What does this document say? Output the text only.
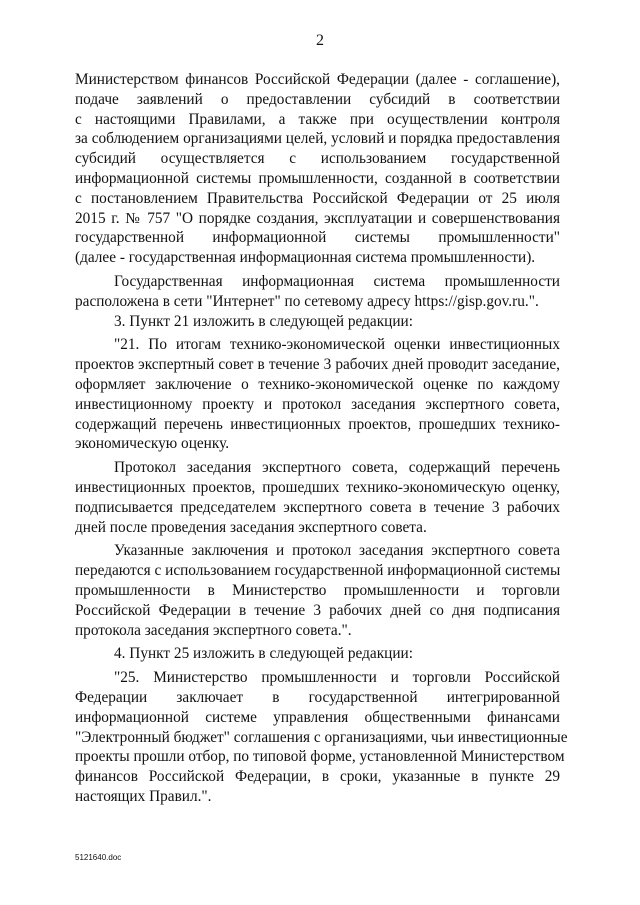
2
Министерством финансов Российской Федерации (далее - соглашение),
подаче заявлений о предоставлении субсидий в соответствии
с настоящими Правилами, а также при осуществлении контроля
за соблюдением организациями целей, условий и порядка предоставления
субсидий осуществляется с использованием государственной
информационной системы промышленности, созданной в соответствии
с постановлением Правительства Российской Федерации от 25 июля
2015 г. № 757 "О порядке создания, эксплуатации и совершенствования
государственной информационной системы промышленности"
(далее - государственная информационная система промышленности).
Государственная информационная система промышленности
расположена в сети "Интернет" по сетевому адресу https://gisp.gov.ru.".
3. Пункт 21 изложить в следующей редакции:
"21. По итогам технико-экономической оценки инвестиционных
проектов экспертный совет в течение 3 рабочих дней проводит заседание,
оформляет заключение о технико-экономической оценке по каждому
инвестиционному проекту и протокол заседания экспертного совета,
содержащий перечень инвестиционных проектов, прошедших технико-
экономическую оценку.
Протокол заседания экспертного совета, содержащий перечень
инвестиционных проектов, прошедших технико-экономическую оценку,
подписывается председателем экспертного совета в течение 3 рабочих
дней после проведения заседания экспертного совета.
Указанные заключения и протокол заседания экспертного совета
передаются с использованием государственной информационной системы
промышленности в Министерство промышленности и торговли
Российской Федерации в течение 3 рабочих дней со дня подписания
протокола заседания экспертного совета.".
4. Пункт 25 изложить в следующей редакции:
"25. Министерство промышленности и торговли Российской
Федерации заключает в государственной интегрированной
информационной системе управления общественными финансами
"Электронный бюджет" соглашения с организациями, чьи инвестиционные
проекты прошли отбор, по типовой форме, установленной Министерством
финансов Российской Федерации, в сроки, указанные в пункте 29
настоящих Правил.".
5121640.doc
